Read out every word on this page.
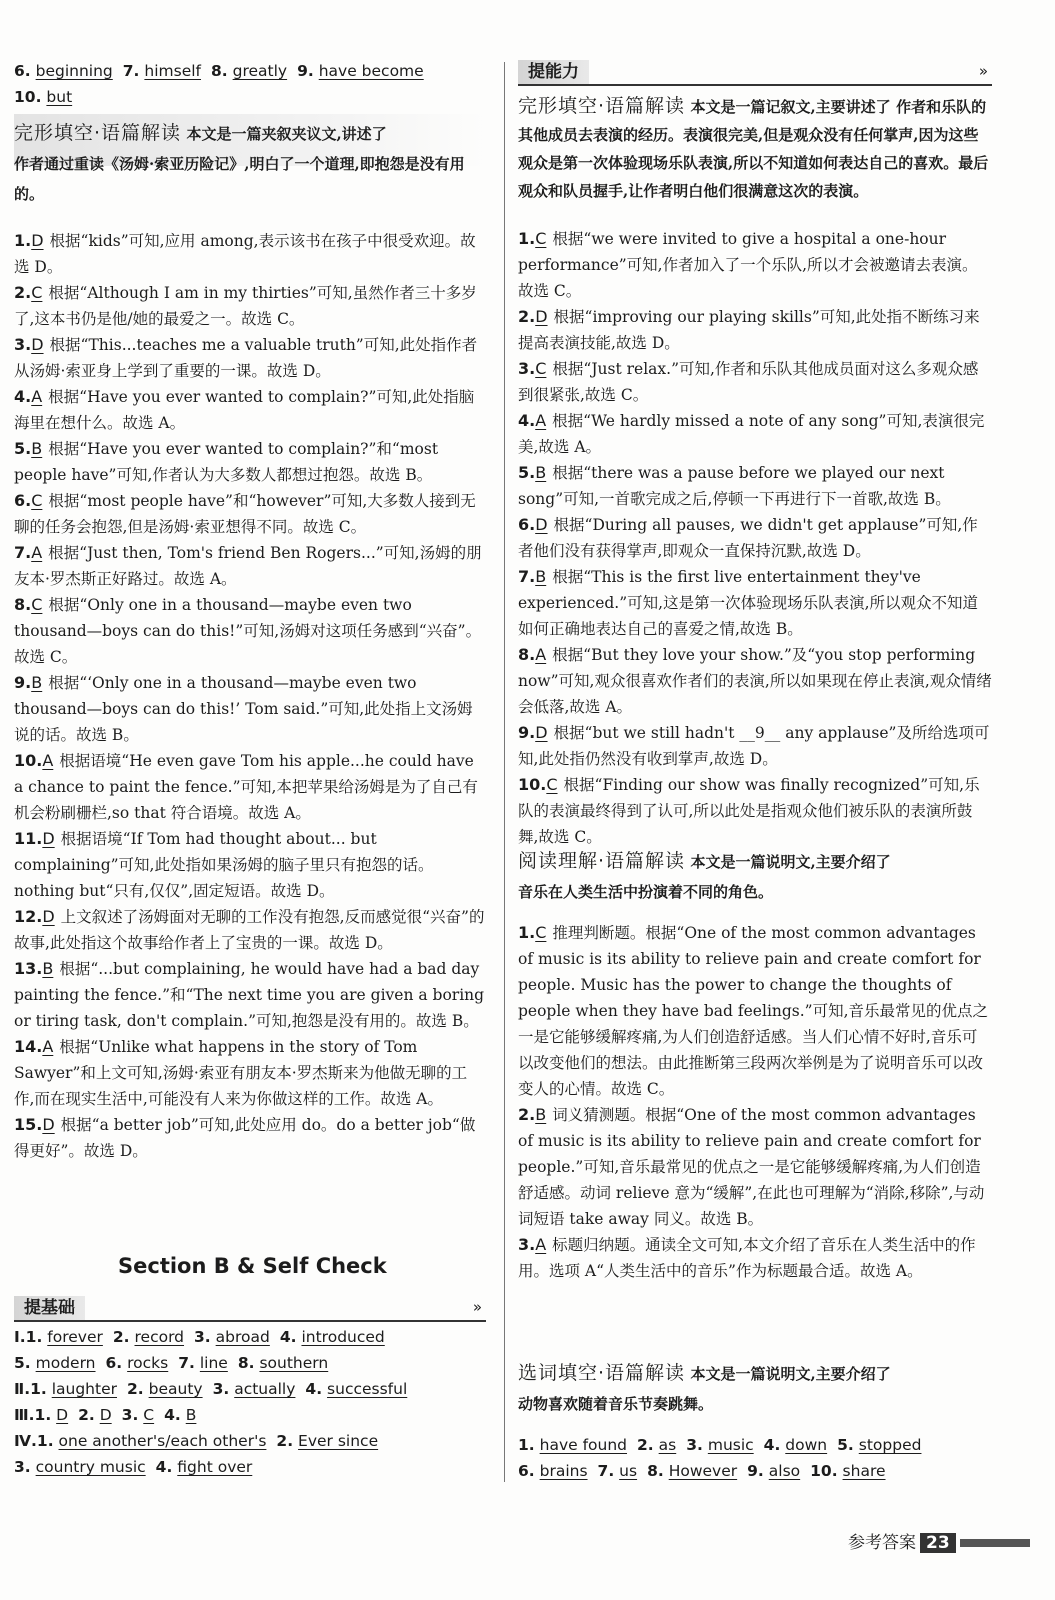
6. beginning 7. himself 8. greatly 9. have become
10. but
完形填空·语篇解读 本文是一篇夹叙夹议文,讲述了
作者通过重读《汤姆·索亚历险记》,明白了一个道理,即抱怨是没有用的。
1.D 根据“kids”可知,应用 among,表示该书在孩子中很受欢迎。故选 D。
2.C 根据“Although I am in my thirties”可知,虽然作者三十多岁了,这本书仍是他/她的最爱之一。故选 C。
3.D 根据“This...teaches me a valuable truth”可知,此处指作者从汤姆·索亚身上学到了重要的一课。故选 D。
4.A 根据“Have you ever wanted to complain?”可知,此处指脑海里在想什么。故选 A。
5.B 根据“Have you ever wanted to complain?”和“most people have”可知,作者认为大多数人都想过抱怨。故选 B。
6.C 根据“most people have”和“however”可知,大多数人接到无聊的任务会抱怨,但是汤姆·索亚想得不同。故选 C。
7.A 根据“Just then, Tom's friend Ben Rogers...”可知,汤姆的朋友本·罗杰斯正好路过。故选 A。
8.C 根据“Only one in a thousand—maybe even two thousand—boys can do this!”可知,汤姆对这项任务感到“兴奋”。故选 C。
9.B 根据“‘Only one in a thousand—maybe even two thousand—boys can do this!’ Tom said.”可知,此处指上文汤姆说的话。故选 B。
10.A 根据语境“He even gave Tom his apple...he could have a chance to paint the fence.”可知,本把苹果给汤姆是为了自己有机会粉刷栅栏,so that 符合语境。故选 A。
11.D 根据语境“If Tom had thought about... but complaining”可知,此处指如果汤姆的脑子里只有抱怨的话。nothing but“只有,仅仅”,固定短语。故选 D。
12.D 上文叙述了汤姆面对无聊的工作没有抱怨,反而感觉很“兴奋”的故事,此处指这个故事给作者上了宝贵的一课。故选 D。
13.B 根据“...but complaining, he would have had a bad day painting the fence.”和“The next time you are given a boring or tiring task, don't complain.”可知,抱怨是没有用的。故选 B。
14.A 根据“Unlike what happens in the story of Tom Sawyer”和上文可知,汤姆·索亚有朋友本·罗杰斯来为他做无聊的工作,而在现实生活中,可能没有人来为你做这样的工作。故选 A。
15.D 根据“a better job”可知,此处应用 do。do a better job“做得更好”。故选 D。
Section B & Self Check
提基础	»
Ⅰ.1. forever 2. record 3. abroad 4. introduced
5. modern 6. rocks 7. line 8. southern
Ⅱ.1. laughter 2. beauty 3. actually 4. successful
Ⅲ.1. D 2. D 3. C 4. B
Ⅳ.1. one another's/each other's 2. Ever since
3. country music 4. fight over
提能力	»
完形填空·语篇解读 本文是一篇记叙文,主要讲述了 作者和乐队的其他成员去表演的经历。表演很完美,但是观众没有任何掌声,因为这些观众是第一次体验现场乐队表演,所以不知道如何表达自己的喜欢。最后观众和队员握手,让作者明白他们很满意这次的表演。
1.C 根据“we were invited to give a hospital a one-hour performance”可知,作者加入了一个乐队,所以才会被邀请去表演。故选 C。
2.D 根据“improving our playing skills”可知,此处指不断练习来提高表演技能,故选 D。
3.C 根据“Just relax.”可知,作者和乐队其他成员面对这么多观众感到很紧张,故选 C。
4.A 根据“We hardly missed a note of any song”可知,表演很完美,故选 A。
5.B 根据“there was a pause before we played our next song”可知,一首歌完成之后,停顿一下再进行下一首歌,故选 B。
6.D 根据“During all pauses, we didn't get applause”可知,作者他们没有获得掌声,即观众一直保持沉默,故选 D。
7.B 根据“This is the first live entertainment they've experienced.”可知,这是第一次体验现场乐队表演,所以观众不知道如何正确地表达自己的喜爱之情,故选 B。
8.A 根据“But they love your show.”及“you stop performing now”可知,观众很喜欢作者们的表演,所以如果现在停止表演,观众情绪会低落,故选 A。
9.D 根据“but we still hadn't __9__ any applause”及所给选项可知,此处指仍然没有收到掌声,故选 D。
10.C 根据“Finding our show was finally recognized”可知,乐队的表演最终得到了认可,所以此处是指观众他们被乐队的表演所鼓舞,故选 C。
阅读理解·语篇解读 本文是一篇说明文,主要介绍了
音乐在人类生活中扮演着不同的角色。
1.C 推理判断题。根据“One of the most common advantages of music is its ability to relieve pain and create comfort for people. Music has the power to change the thoughts of people when they have bad feelings.”可知,音乐最常见的优点之一是它能够缓解疼痛,为人们创造舒适感。当人们心情不好时,音乐可以改变他们的想法。由此推断第三段两次举例是为了说明音乐可以改变人的心情。故选 C。
2.B 词义猜测题。根据“One of the most common advantages of music is its ability to relieve pain and create comfort for people.”可知,音乐最常见的优点之一是它能够缓解疼痛,为人们创造舒适感。动词 relieve 意为“缓解”,在此也可理解为“消除,移除”,与动词短语 take away 同义。故选 B。
3.A 标题归纳题。通读全文可知,本文介绍了音乐在人类生活中的作用。选项 A“人类生活中的音乐”作为标题最合适。故选 A。
选词填空·语篇解读 本文是一篇说明文,主要介绍了
动物喜欢随着音乐节奏跳舞。
1. have found 2. as 3. music 4. down 5. stopped
6. brains 7. us 8. However 9. also 10. share
参考答案 23
